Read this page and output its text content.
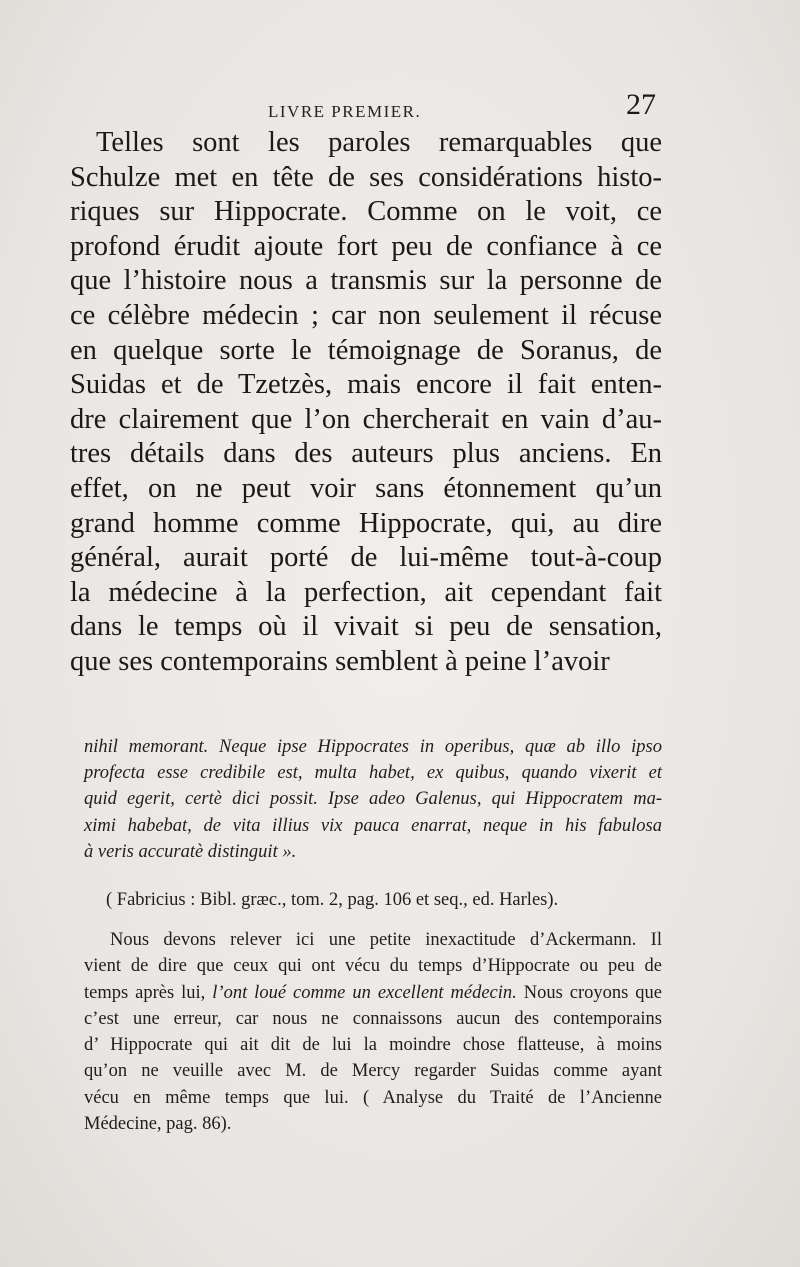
LIVRE PREMIER.	27
Telles sont les paroles remarquables que
Schulze met en tête de ses considérations histo-
riques sur Hippocrate. Comme on le voit, ce
profond érudit ajoute fort peu de confiance à ce
que l’histoire nous a transmis sur la personne de
ce célèbre médecin ; car non seulement il récuse
en quelque sorte le témoignage de Soranus, de
Suidas et de Tzetzès, mais encore il fait enten-
dre clairement que l’on chercherait en vain d’au-
tres détails dans des auteurs plus anciens. En
effet, on ne peut voir sans étonnement qu’un
grand homme comme Hippocrate, qui, au dire
général, aurait porté de lui-même tout-à-coup
la médecine à la perfection, ait cependant fait
dans le temps où il vivait si peu de sensation,
que ses contemporains semblent à peine l’avoir
nihil memorant. Neque ipse Hippocrates in operibus, quæ ab illo ipso
profecta esse credibile est, multa habet, ex quibus, quando vixerit et
quid egerit, certè dici possit. Ipse adeo Galenus, qui Hippocratem ma-
ximi habebat, de vita illius vix pauca enarrat, neque in his fabulosa
à veris accuratè distinguit ».
( Fabricius : Bibl. græc., tom. 2, pag. 106 et seq., ed. Harles).
Nous devons relever ici une petite inexactitude d’Ackermann. Il
vient de dire que ceux qui ont vécu du temps d’Hippocrate ou peu de
temps après lui, l’ont loué comme un excellent médecin. Nous croyons que
c’est une erreur, car nous ne connaissons aucun des contemporains
d’ Hippocrate qui ait dit de lui la moindre chose flatteuse, à moins
qu’on ne veuille avec M. de Mercy regarder Suidas comme ayant
vécu en même temps que lui. ( Analyse du Traité de l’Ancienne
Médecine, pag. 86).
